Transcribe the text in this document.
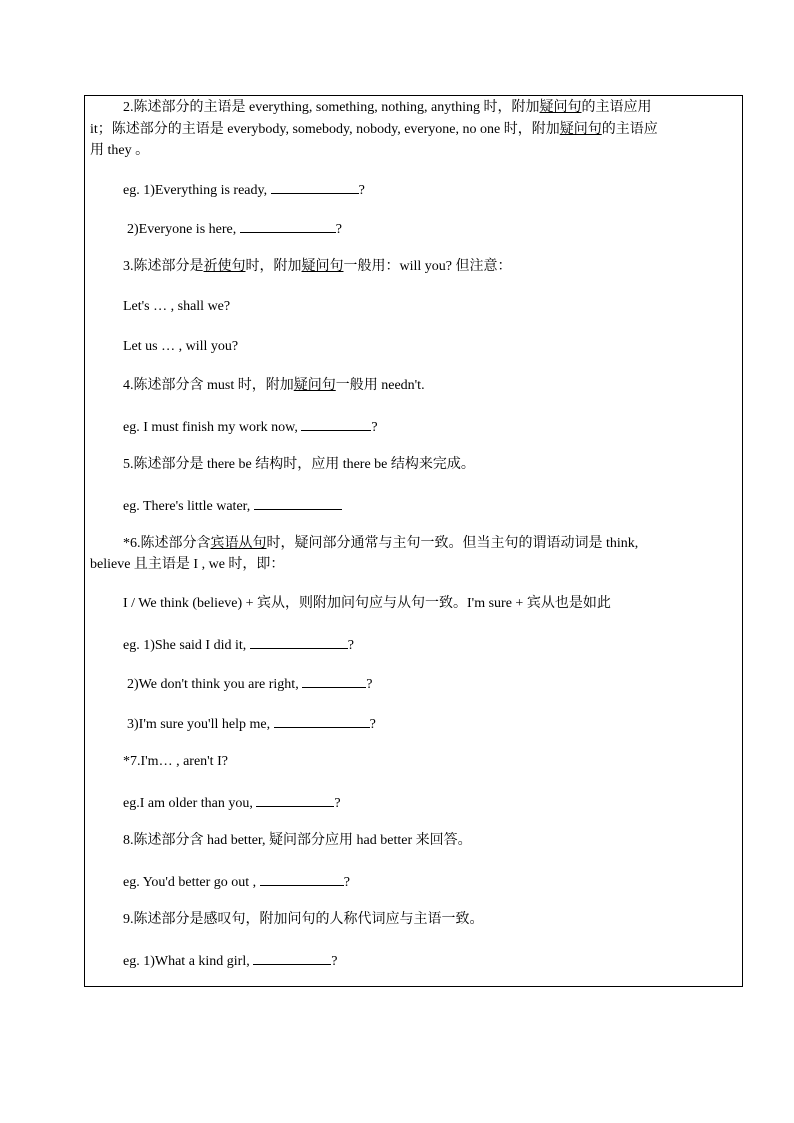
2.陈述部分的主语是 everything, something, nothing, anything 时，附加疑问句的主语应用
it；陈述部分的主语是 everybody, somebody, nobody, everyone, no one 时，附加疑问句的主语应
用 they 。
eg. 1)Everything is ready,	?
2)Everyone is here,	?
3.陈述部分是祈使句时，附加疑问句一般用：will you? 但注意：
Let's … , shall we?
Let us … , will you?
4.陈述部分含 must 时，附加疑问句一般用 needn't.
eg. I must finish my work now,	?
5.陈述部分是 there be 结构时，应用 there be 结构来完成。
eg. There's little water,
*6.陈述部分含宾语从句时，疑问部分通常与主句一致。但当主句的谓语动词是 think,
believe 且主语是 I , we 时，即：
I / We think (believe) + 宾从，则附加问句应与从句一致。I'm sure + 宾从也是如此
eg. 1)She said I did it,	?
2)We don't think you are right,	?
3)I'm sure you'll help me,	?
*7.I'm… , aren't I?
eg.I am older than you,	?
8.陈述部分含 had better, 疑问部分应用 had better 来回答。
eg. You'd better go out ,	?
9.陈述部分是感叹句，附加问句的人称代词应与主语一致。
eg. 1)What a kind girl,	?
